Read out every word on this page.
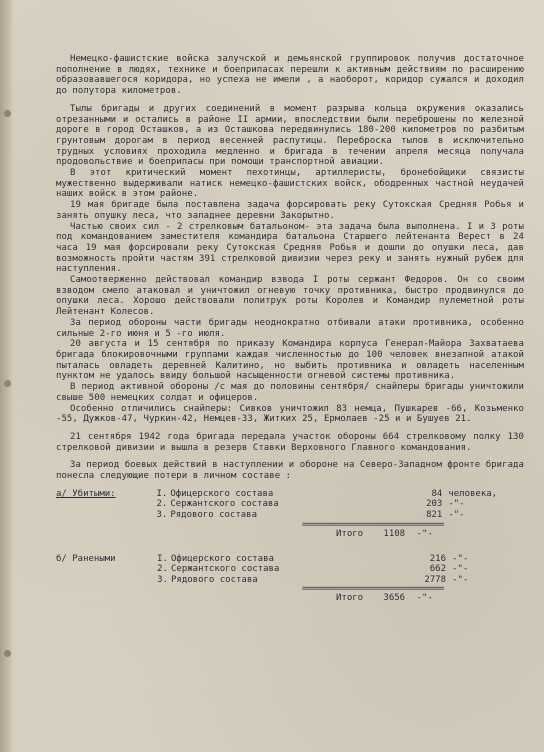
Немецко-фашистские войска залучской и демьянской группировок получив достаточное пополнение в людях, технике и боеприпасах перешли к активным действиям по расширению образовавшегося коридора, но успеха не имели , а наоборот, коридор сужался и доходил до полутора километров.

Тылы бригады и других соединений в момент разрыва кольца окружения оказались отрезанными и остались в районе II армии, впоследствии были переброшены по железной дороге в город Осташков, а из Осташкова передвинулись 180-200 километров по разбитым грунтовым дорогам в период весенней распутицы. Переброска тылов в исключительно трудных условиях проходила медленно и бригада в течении апреля месяца получала продовольствие и боеприпасы при помощи транспортной авиации.

В этот критический момент пехотинцы, артиллеристы, бронебойщики связисты мужественно выдерживали натиск немецко-фашистских войск, ободренных частной неудачей наших войск в этом районе.

19 мая бригаде была поставлена задача форсировать реку Сутокская Средняя Робья и занять опушку леса, что западнее деревни Закорытно.

Частью своих сил - 2 стрелковым батальоном- эта задача была выполнена. I и 3 роты под командованием заместителя командира батальона Старшего лейтенанта Верест в 24 часа 19 мая форсировали реку Сутокская Средняя Робья и дошли до опушки леса, дав возможность пройти частям 391 стрелковой дивизии через реку и занять нужный рубеж для наступления.

Самоотверженно действовал командир взвода I роты сержант Федоров. Он со своим взводом смело атаковал и уничтожил огневую точку противника, быстро продвинулся до опушки леса. Хорошо действовали политрук роты Королев и Командир пулеметной роты Лейтенант Колесов.

За период обороны части бригады неоднократно отбивали атаки противника, особенно сильные 2-го июня и 5 -го июля.

20 августа и 15 сентября по приказу Командира корпуса Генерал-Майора Захватаева бригада блокировочными группами каждая численностью до 100 человек внезапной атакой пыталась овладеть деревней Калитино, но выбить противника и овладеть населенным пунктом не удалось ввиду большой насыщенности огневой системы противника.

В период активной обороны /с мая до половины сентября/ снайперы бригады уничтожили свыше 500 немецких солдат и офицеров.

Особенно отличились снайперы: Сивков уничтожил 83 немца, Пушкарев -66, Козьменко -55, Дужков-47, Чуркин-42, Немцев-33, Житких 25, Ермолаев -25 и и Бушуев 21.

21 сентября 1942 года бригада передала участок обороны 664 стрелковому полку 130 стрелковой дивизии и вышла в резерв Ставки Верховного Главного командования.

За период боевых действий в наступлении и обороне на Северо-Западном фронте бригада понесла следующие потери в личном составе :

а/ Убитыми:	I.	Офицерского состава	84	человека,
	2.	Сержантского состава	203	-"-
	3.	Рядового состава	821	-"-
================================
Итого 1108 -"-
б/ Ранеными	I.	Офицерского состава	216	-"-
	2.	Сержантского состава	662	-"-
	3.	Рядового состава	2778	-"-
================================
Итого 3656 -"-
